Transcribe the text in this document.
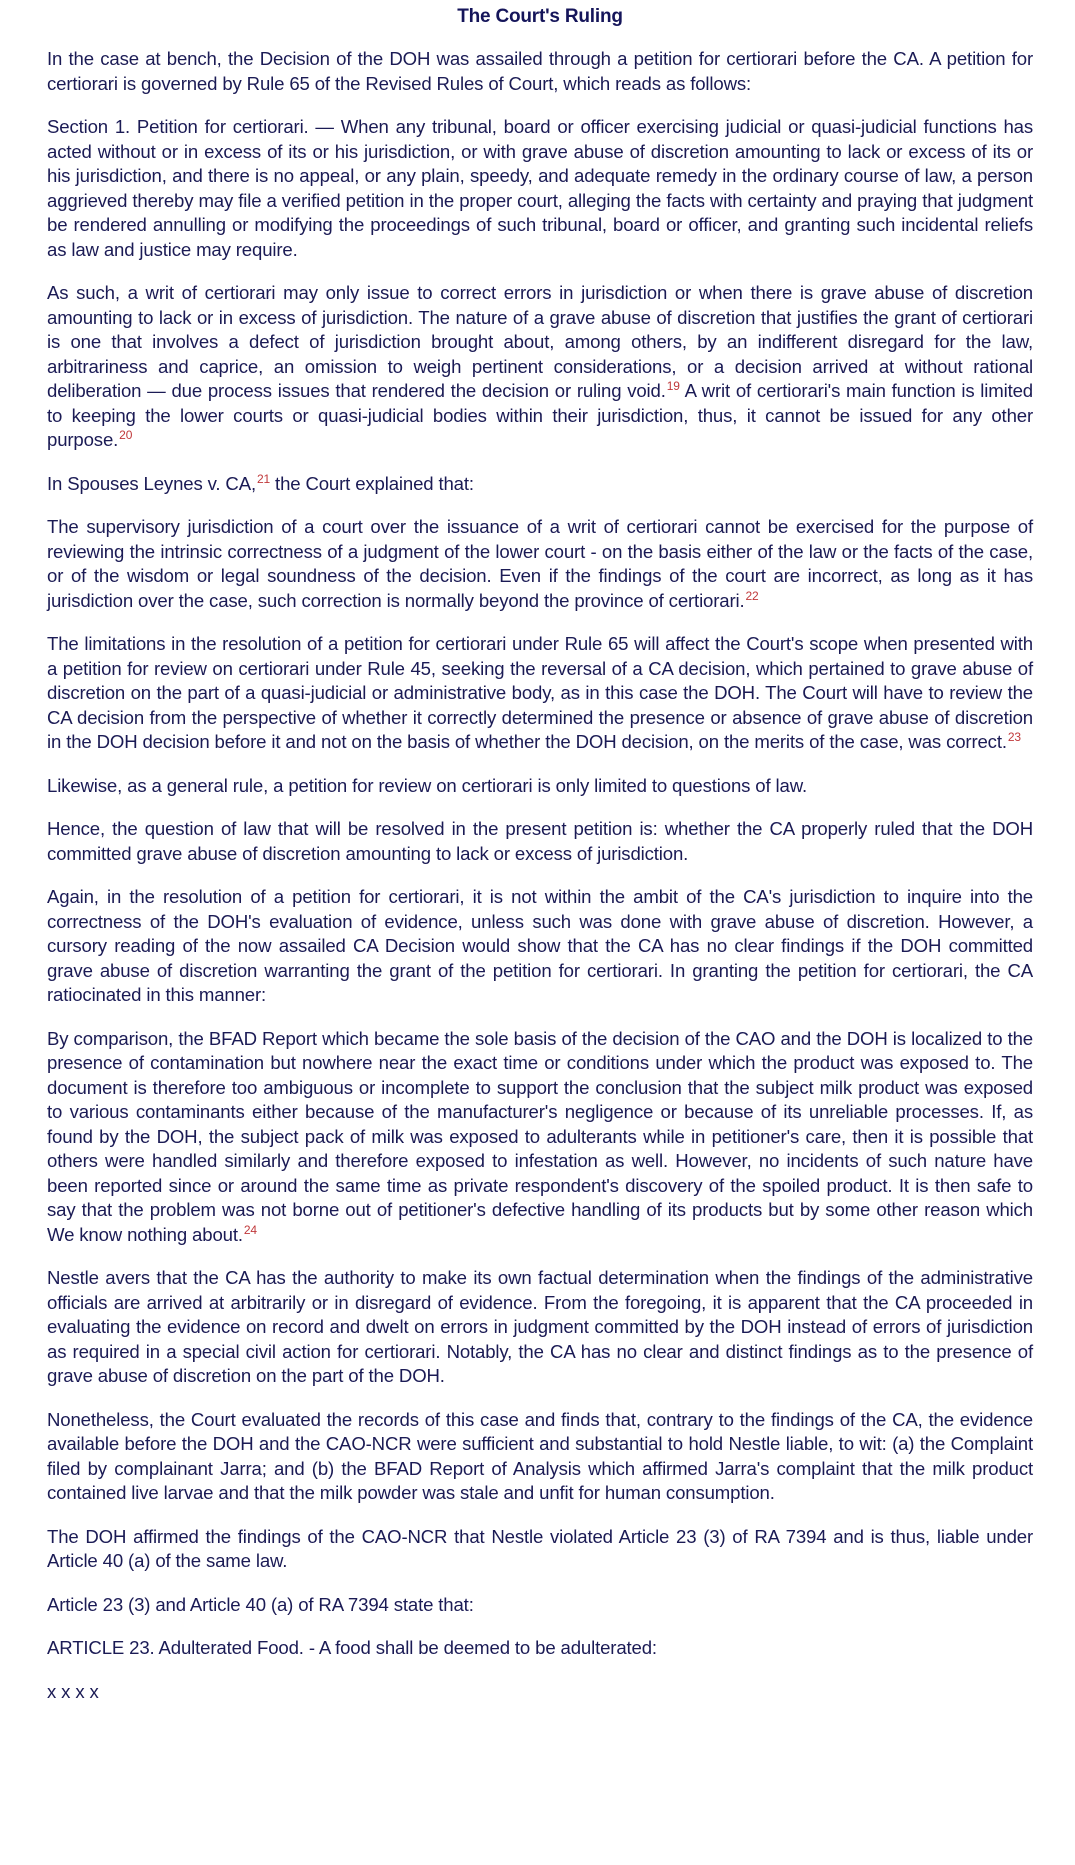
The Court's Ruling

In the case at bench, the Decision of the DOH was assailed through a petition for certiorari before the CA. A petition for certiorari is governed by Rule 65 of the Revised Rules of Court, which reads as follows:

Section 1. Petition for certiorari. — When any tribunal, board or officer exercising judicial or quasi-judicial functions has acted without or in excess of its or his jurisdiction, or with grave abuse of discretion amounting to lack or excess of its or his jurisdiction, and there is no appeal, or any plain, speedy, and adequate remedy in the ordinary course of law, a person aggrieved thereby may file a verified petition in the proper court, alleging the facts with certainty and praying that judgment be rendered annulling or modifying the proceedings of such tribunal, board or officer, and granting such incidental reliefs as law and justice may require.

As such, a writ of certiorari may only issue to correct errors in jurisdiction or when there is grave abuse of discretion amounting to lack or in excess of jurisdiction. The nature of a grave abuse of discretion that justifies the grant of certiorari is one that involves a defect of jurisdiction brought about, among others, by an indifferent disregard for the law, arbitrariness and caprice, an omission to weigh pertinent considerations, or a decision arrived at without rational deliberation — due process issues that rendered the decision or ruling void.$^{19}$ A writ of certiorari's main function is limited to keeping the lower courts or quasi-judicial bodies within their jurisdiction, thus, it cannot be issued for any other purpose.$^{20}$

In Spouses Leynes v. CA,$^{21}$ the Court explained that:

The supervisory jurisdiction of a court over the issuance of a writ of certiorari cannot be exercised for the purpose of reviewing the intrinsic correctness of a judgment of the lower court - on the basis either of the law or the facts of the case, or of the wisdom or legal soundness of the decision. Even if the findings of the court are incorrect, as long as it has jurisdiction over the case, such correction is normally beyond the province of certiorari.$^{22}$

The limitations in the resolution of a petition for certiorari under Rule 65 will affect the Court's scope when presented with a petition for review on certiorari under Rule 45, seeking the reversal of a CA decision, which pertained to grave abuse of discretion on the part of a quasi-judicial or administrative body, as in this case the DOH. The Court will have to review the CA decision from the perspective of whether it correctly determined the presence or absence of grave abuse of discretion in the DOH decision before it and not on the basis of whether the DOH decision, on the merits of the case, was correct.$^{23}$

Likewise, as a general rule, a petition for review on certiorari is only limited to questions of law.

Hence, the question of law that will be resolved in the present petition is: whether the CA properly ruled that the DOH committed grave abuse of discretion amounting to lack or excess of jurisdiction.

Again, in the resolution of a petition for certiorari, it is not within the ambit of the CA's jurisdiction to inquire into the correctness of the DOH's evaluation of evidence, unless such was done with grave abuse of discretion. However, a cursory reading of the now assailed CA Decision would show that the CA has no clear findings if the DOH committed grave abuse of discretion warranting the grant of the petition for certiorari. In granting the petition for certiorari, the CA ratiocinated in this manner:

By comparison, the BFAD Report which became the sole basis of the decision of the CAO and the DOH is localized to the presence of contamination but nowhere near the exact time or conditions under which the product was exposed to. The document is therefore too ambiguous or incomplete to support the conclusion that the subject milk product was exposed to various contaminants either because of the manufacturer's negligence or because of its unreliable processes. If, as found by the DOH, the subject pack of milk was exposed to adulterants while in petitioner's care, then it is possible that others were handled similarly and therefore exposed to infestation as well. However, no incidents of such nature have been reported since or around the same time as private respondent's discovery of the spoiled product. It is then safe to say that the problem was not borne out of petitioner's defective handling of its products but by some other reason which We know nothing about.$^{24}$

Nestle avers that the CA has the authority to make its own factual determination when the findings of the administrative officials are arrived at arbitrarily or in disregard of evidence. From the foregoing, it is apparent that the CA proceeded in evaluating the evidence on record and dwelt on errors in judgment committed by the DOH instead of errors of jurisdiction as required in a special civil action for certiorari. Notably, the CA has no clear and distinct findings as to the presence of grave abuse of discretion on the part of the DOH.

Nonetheless, the Court evaluated the records of this case and finds that, contrary to the findings of the CA, the evidence available before the DOH and the CAO-NCR were sufficient and substantial to hold Nestle liable, to wit: (a) the Complaint filed by complainant Jarra; and (b) the BFAD Report of Analysis which affirmed Jarra's complaint that the milk product contained live larvae and that the milk powder was stale and unfit for human consumption.

The DOH affirmed the findings of the CAO-NCR that Nestle violated Article 23 (3) of RA 7394 and is thus, liable under Article 40 (a) of the same law.

Article 23 (3) and Article 40 (a) of RA 7394 state that:

ARTICLE 23. Adulterated Food. - A food shall be deemed to be adulterated:

x x x x
